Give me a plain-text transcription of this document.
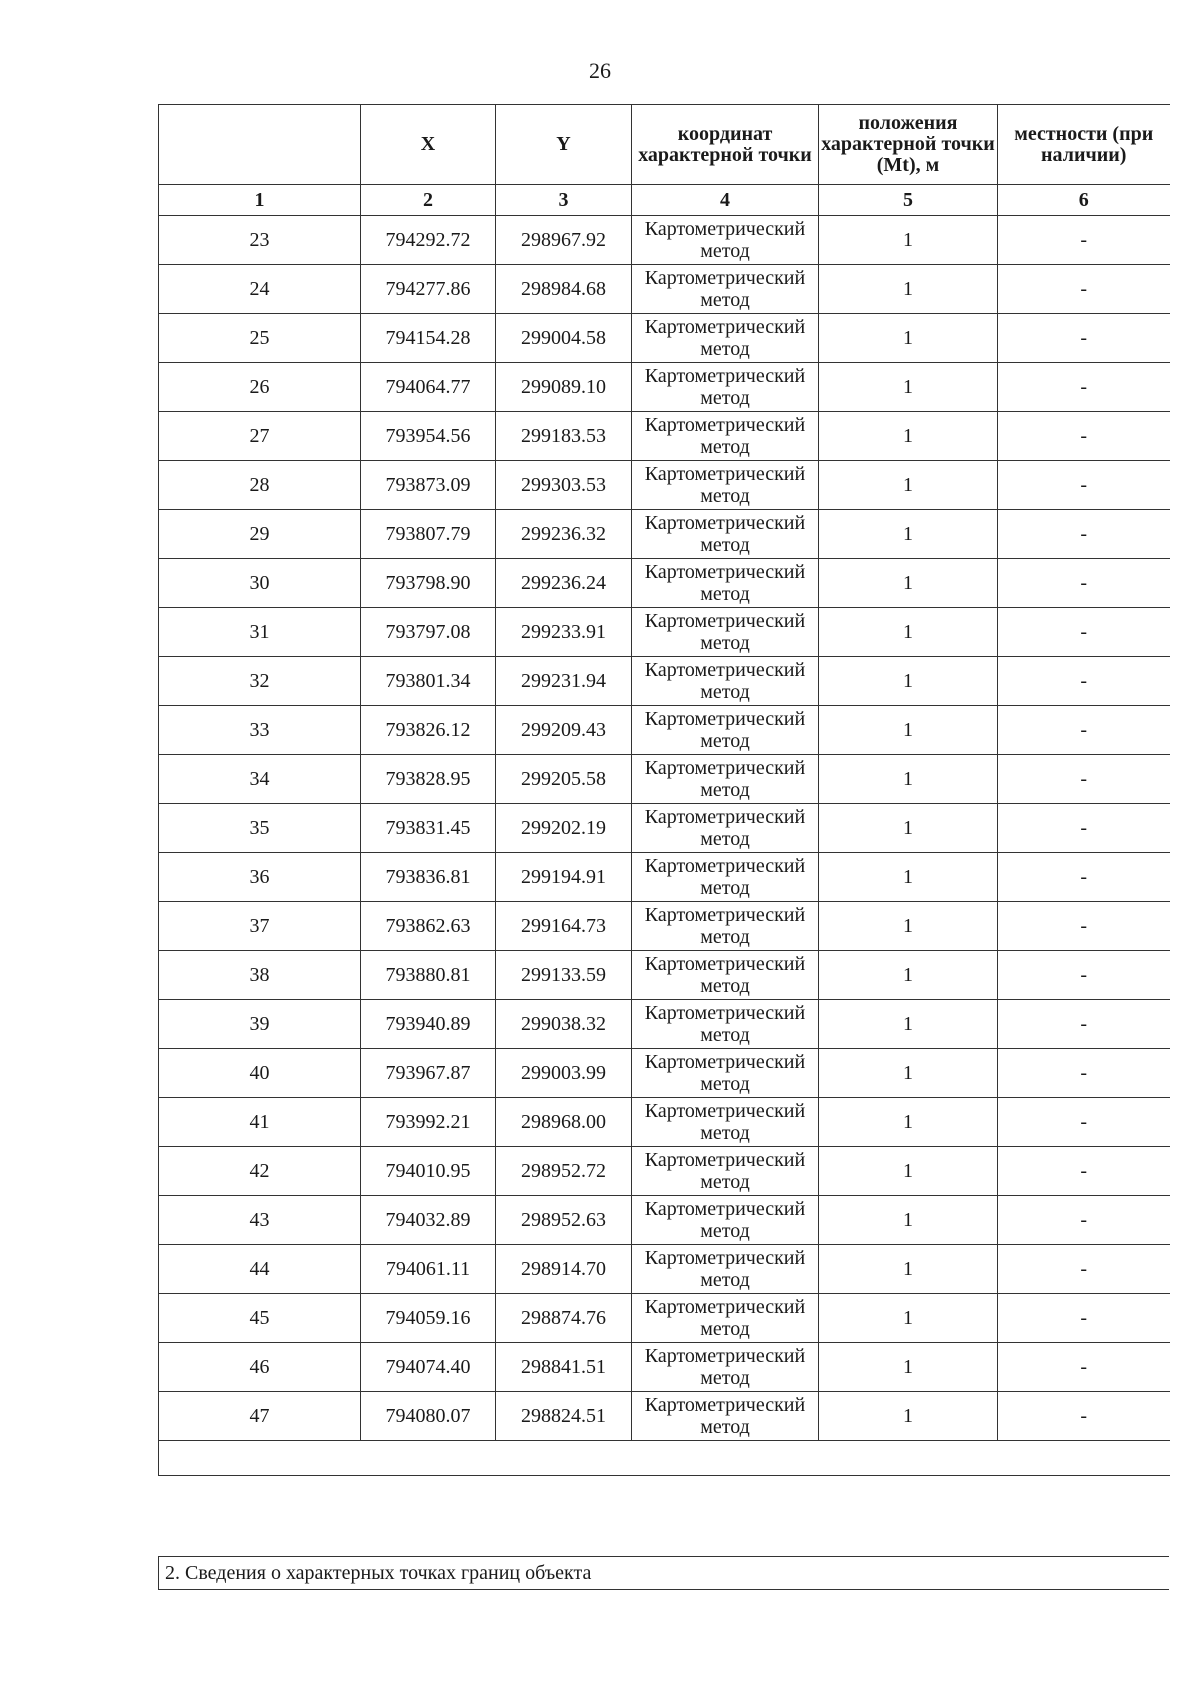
26
	X	Y	координат характерной точки	положения характерной точки (Mt), м	местности (при наличии)
1	2	3	4	5	6
23	794292.72	298967.92	Картометрический метод	1	-
24	794277.86	298984.68	Картометрический метод	1	-
25	794154.28	299004.58	Картометрический метод	1	-
26	794064.77	299089.10	Картометрический метод	1	-
27	793954.56	299183.53	Картометрический метод	1	-
28	793873.09	299303.53	Картометрический метод	1	-
29	793807.79	299236.32	Картометрический метод	1	-
30	793798.90	299236.24	Картометрический метод	1	-
31	793797.08	299233.91	Картометрический метод	1	-
32	793801.34	299231.94	Картометрический метод	1	-
33	793826.12	299209.43	Картометрический метод	1	-
34	793828.95	299205.58	Картометрический метод	1	-
35	793831.45	299202.19	Картометрический метод	1	-
36	793836.81	299194.91	Картометрический метод	1	-
37	793862.63	299164.73	Картометрический метод	1	-
38	793880.81	299133.59	Картометрический метод	1	-
39	793940.89	299038.32	Картометрический метод	1	-
40	793967.87	299003.99	Картометрический метод	1	-
41	793992.21	298968.00	Картометрический метод	1	-
42	794010.95	298952.72	Картометрический метод	1	-
43	794032.89	298952.63	Картометрический метод	1	-
44	794061.11	298914.70	Картометрический метод	1	-
45	794059.16	298874.76	Картометрический метод	1	-
46	794074.40	298841.51	Картометрический метод	1	-
47	794080.07	298824.51	Картометрический метод	1	-

2. Сведения о характерных точках границ объекта
